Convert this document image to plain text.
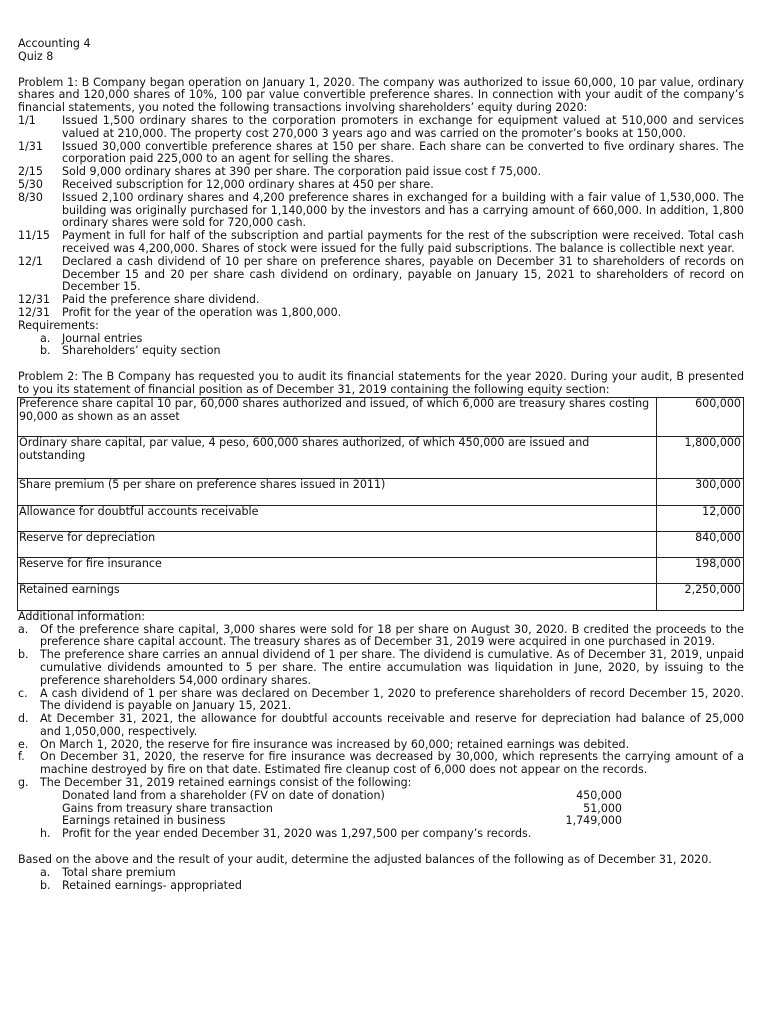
Accounting 4

Quiz 8

Problem 1: B Company began operation on January 1, 2020. The company was authorized to issue 60,000, 10 par value, ordinary shares and 120,000 shares of 10%, 100 par value convertible preference shares. In connection with your audit of the company’s financial statements, you noted the following transactions involving shareholders’ equity during 2020:

1/1	Issued 1,500 ordinary shares to the corporation promoters in exchange for equipment valued at 510,000 and services valued at 210,000. The property cost 270,000 3 years ago and was carried on the promoter’s books at 150,000.
1/31	Issued 30,000 convertible preference shares at 150 per share. Each share can be converted to five ordinary shares. The corporation paid 225,000 to an agent for selling the shares.
2/15	Sold 9,000 ordinary shares at 390 per share. The corporation paid issue cost f 75,000.
5/30	Received subscription for 12,000 ordinary shares at 450 per share.
8/30	Issued 2,100 ordinary shares and 4,200 preference shares in exchanged for a building with a fair value of 1,530,000. The building was originally purchased for 1,140,000 by the investors and has a carrying amount of 660,000. In addition, 1,800 ordinary shares were sold for 720,000 cash.
11/15	Payment in full for half of the subscription and partial payments for the rest of the subscription were received. Total cash received was 4,200,000. Shares of stock were issued for the fully paid subscriptions. The balance is collectible next year.
12/1	Declared a cash dividend of 10 per share on preference shares, payable on December 31 to shareholders of records on December 15 and 20 per share cash dividend on ordinary, payable on January 15, 2021 to shareholders of record on December 15.
12/31	Paid the preference share dividend.
12/31	Profit for the year of the operation was 1,800,000.

Requirements:

a.	Journal entries
b.	Shareholders’ equity section

Problem 2: The B Company has requested you to audit its financial statements for the year 2020. During your audit, B presented to you its statement of financial position as of December 31, 2019 containing the following equity section:

Preference share capital 10 par, 60,000 shares authorized and issued, of which 6,000 are treasury shares costing 90,000 as shown as an asset	600,000
Ordinary share capital, par value, 4 peso, 600,000 shares authorized, of which 450,000 are issued and outstanding	1,800,000
Share premium (5 per share on preference shares issued in 2011)	300,000
Allowance for doubtful accounts receivable	12,000
Reserve for depreciation	840,000
Reserve for fire insurance	198,000
Retained earnings	2,250,000

Additional information:

a.	Of the preference share capital, 3,000 shares were sold for 18 per share on August 30, 2020. B credited the proceeds to the preference share capital account. The treasury shares as of December 31, 2019 were acquired in one purchased in 2019.
b.	The preference share carries an annual dividend of 1 per share. The dividend is cumulative. As of December 31, 2019, unpaid cumulative dividends amounted to 5 per share. The entire accumulation was liquidation in June, 2020, by issuing to the preference shareholders 54,000 ordinary shares.
c.	A cash dividend of 1 per share was declared on December 1, 2020 to preference shareholders of record December 15, 2020. The dividend is payable on January 15, 2021.
d.	At December 31, 2021, the allowance for doubtful accounts receivable and reserve for depreciation had balance of 25,000 and 1,050,000, respectively.
e.	On March 1, 2020, the reserve for fire insurance was increased by 60,000; retained earnings was debited.
f.	On December 31, 2020, the reserve for fire insurance was decreased by 30,000, which represents the carrying amount of a machine destroyed by fire on that date. Estimated fire cleanup cost of 6,000 does not appear on the records.
g.	The December 31, 2019 retained earnings consist of the following:
Donated land from a shareholder (FV on date of donation)	450,000
Gains from treasury share transaction	51,000
Earnings retained in business	1,749,000
h.	Profit for the year ended December 31, 2020 was 1,297,500 per company’s records.

Based on the above and the result of your audit, determine the adjusted balances of the following as of December 31, 2020.

a.	Total share premium
b.	Retained earnings- appropriated
